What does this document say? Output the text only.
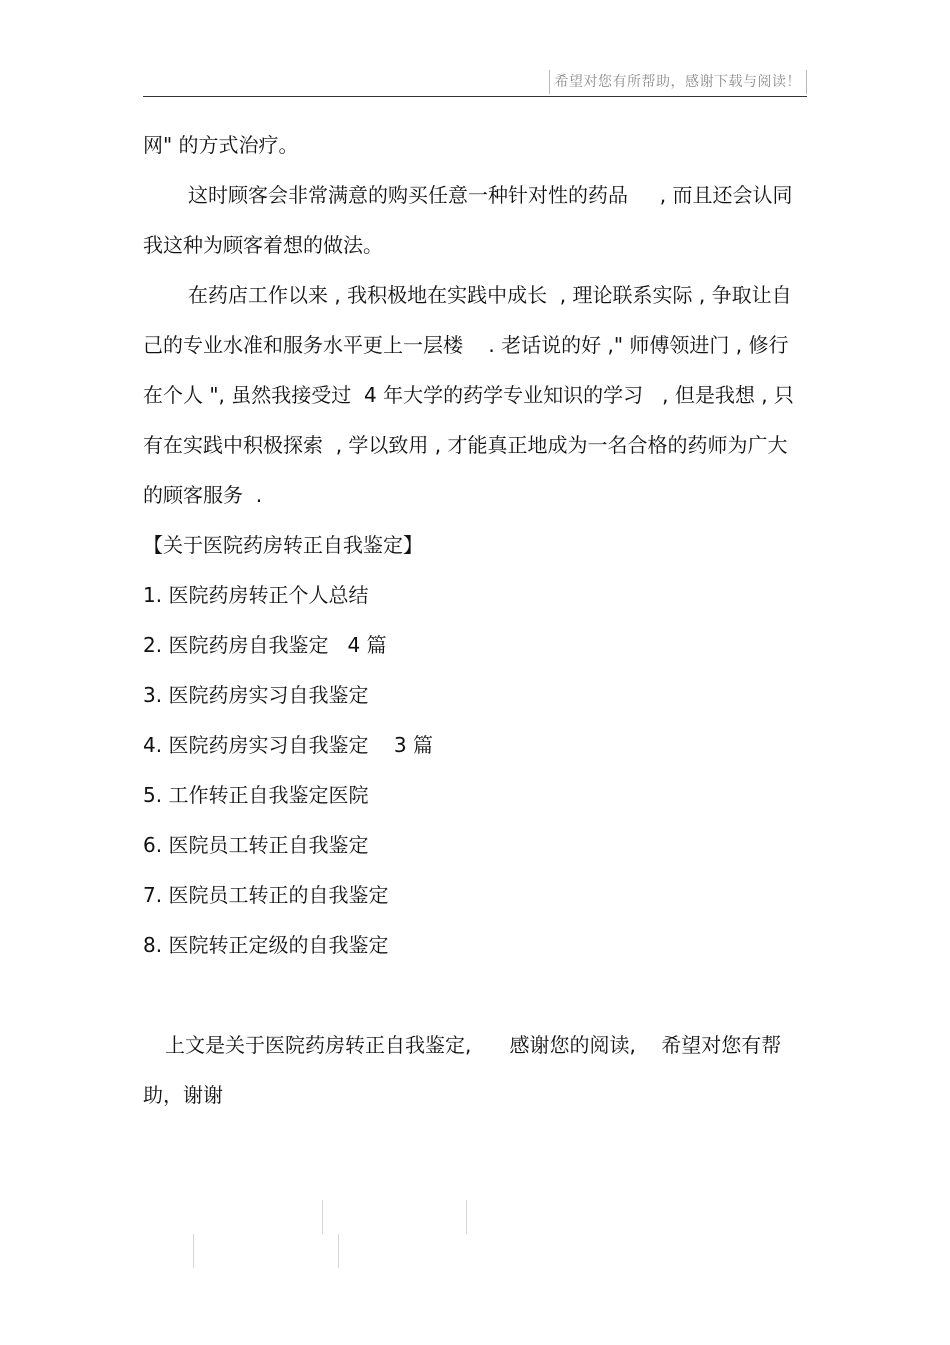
希望对您有所帮助，感谢下载与阅读！

网" 的方式治疗。

这时顾客会非常满意的购买任意一种针对性的药品     , 而且还会认同我这种为顾客着想的做法。

在药店工作以来 , 我积极地在实践中成长  , 理论联系实际 , 争取让自己的专业水准和服务水平更上一层楼    . 老话说的好 ," 师傅领进门 , 修行在个人 ", 虽然我接受过  4 年大学的药学专业知识的学习   , 但是我想 , 只有在实践中积极探索  , 学以致用 , 才能真正地成为一名合格的药师为广大的顾客服务  .

【关于医院药房转正自我鉴定】

1. 医院药房转正个人总结
2. 医院药房自我鉴定   4 篇
3. 医院药房实习自我鉴定
4. 医院药房实习自我鉴定    3 篇
5. 工作转正自我鉴定医院
6. 医院员工转正自我鉴定
7. 医院员工转正的自我鉴定
8. 医院转正定级的自我鉴定

上文是关于医院药房转正自我鉴定,      感谢您的阅读,    希望对您有帮助，谢谢
